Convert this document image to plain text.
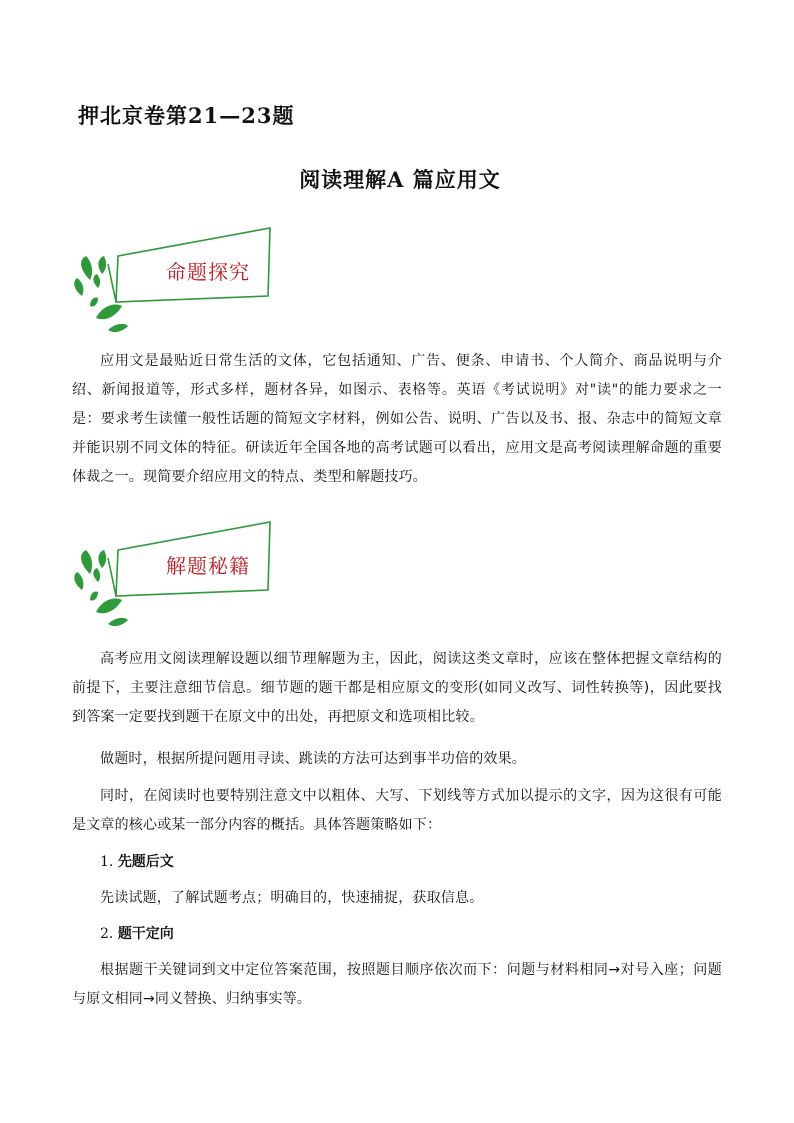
押北京卷第21—23题
阅读理解A 篇应用文
命题探究

应用文是最贴近日常生活的文体，它包括通知、广告、便条、申请书、个人简介、商品说明与介绍、新闻报道等，形式多样，题材各异，如图示、表格等。英语《考试说明》对"读"的能力要求之一是：要求考生读懂一般性话题的简短文字材料，例如公告、说明、广告以及书、报、杂志中的简短文章并能识别不同文体的特征。研读近年全国各地的高考试题可以看出，应用文是高考阅读理解命题的重要体裁之一。现简要介绍应用文的特点、类型和解题技巧。

解题秘籍

高考应用文阅读理解设题以细节理解题为主，因此，阅读这类文章时，应该在整体把握文章结构的前提下，主要注意细节信息。细节题的题干都是相应原文的变形(如同义改写、词性转换等)，因此要找到答案一定要找到题干在原文中的出处，再把原文和选项相比较。

做题时，根据所提问题用寻读、跳读的方法可达到事半功倍的效果。

同时，在阅读时也要特别注意文中以粗体、大写、下划线等方式加以提示的文字，因为这很有可能是文章的核心或某一部分内容的概括。具体答题策略如下：

1. 先题后文

先读试题，了解试题考点；明确目的，快速捕捉，获取信息。

2. 题干定向

根据题干关键词到文中定位答案范围，按照题目顺序依次而下：问题与材料相同→对号入座；问题与原文相同→同义替换、归纳事实等。
